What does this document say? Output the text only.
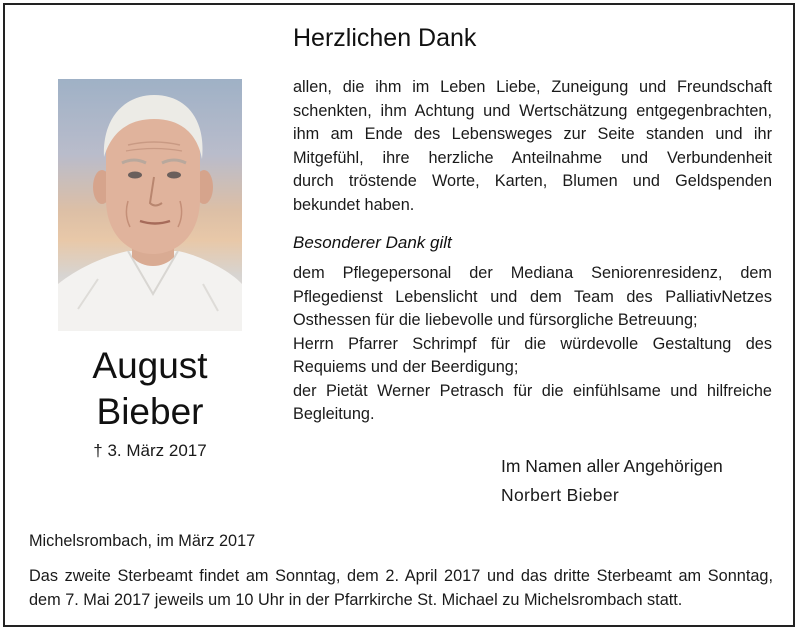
Herzlichen Dank
August
Bieber
† 3. März 2017
allen, die ihm im Leben Liebe, Zuneigung und Freundschaft
schenkten, ihm Achtung und Wertschätzung entgegenbrachten,
ihm am Ende des Lebensweges zur Seite standen und ihr
Mitgefühl, ihre herzliche Anteilnahme und Verbundenheit
durch tröstende Worte, Karten, Blumen und Geldspenden
bekundet haben.
Besonderer Dank gilt
dem Pflegepersonal der Mediana Seniorenresidenz, dem
Pflegedienst Lebenslicht und dem Team des PalliativNetzes
Osthessen für die liebevolle und fürsorgliche Betreuung;
Herrn Pfarrer Schrimpf für die würdevolle Gestaltung des
Requiems und der Beerdigung;
der Pietät Werner Petrasch für die einfühlsame und hilfreiche
Begleitung.
Im Namen aller Angehörigen
Norbert Bieber
Michelsrombach, im März 2017
Das zweite Sterbeamt findet am Sonntag, dem 2. April 2017 und das dritte Sterbeamt am Sonntag,
dem 7. Mai 2017 jeweils um 10 Uhr in der Pfarrkirche St. Michael zu Michelsrombach statt.
